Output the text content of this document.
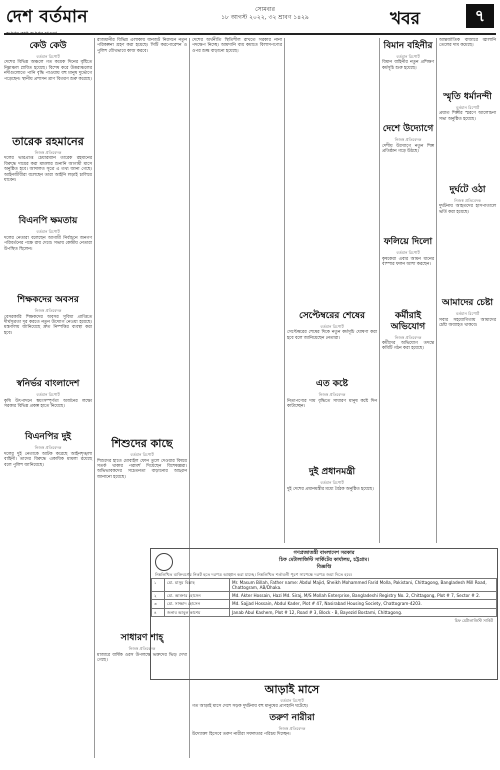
দেশ বর্তমান	সোমবার
১৮ আগস্ট ২০২২, ৩২ শ্রাবণ ১৪২৯	খবর	৭
কেউ কেউ
বর্তমান রিপোর্ট
দেশের বিভিন্ন অঞ্চলে গত কয়েক দিনের বৃষ্টিতে নিম্নাঞ্চল প্লাবিত হয়েছে। বিশেষ করে উত্তরাঞ্চলের নদীগুলোতে পানি বৃদ্ধি পাওয়ায় বহু মানুষ দুর্ভোগে পড়েছেন। স্থানীয় প্রশাসন ত্রাণ বিতরণ শুরু করেছে।
তারেক রহমানের
নিজস্ব প্রতিবেদক
দলের ভারপ্রাপ্ত চেয়ারম্যান তারেক রহমানের বিরুদ্ধে দায়ের করা মামলার শুনানি আগামী মাসে অনুষ্ঠিত হবে। আদালত সূত্রে এ তথ্য জানা গেছে। আইনজীবীরা বলেছেন তারা আইনি লড়াই চালিয়ে যাবেন।
বিএনপি ক্ষমতায়
বর্তমান রিপোর্ট
দলের নেতারা বলেছেন আগামী নির্বাচনে জনগণ পরিবর্তনের পক্ষে রায় দেবে। সভায় কেন্দ্রীয় নেতারা উপস্থিত ছিলেন।
শিক্ষকদের অবসর
নিজস্ব প্রতিবেদক
বেসরকারি শিক্ষকদের অবসর সুবিধা প্রাপ্তিতে দীর্ঘসূত্রতা দূর করতে নতুন উদ্যোগ নেওয়া হয়েছে। মন্ত্রণালয় জানিয়েছে দ্রুত নিষ্পত্তির ব্যবস্থা করা হবে।
স্বনির্ভর বাংলাদেশ
বর্তমান রিপোর্ট
কৃষি উৎপাদনে স্বয়ংসম্পূর্ণতা অর্জনের লক্ষ্যে সরকার বিভিন্ন প্রকল্প হাতে নিয়েছে।
বিএনপির দুই
নিজস্ব প্রতিবেদক
দলের দুই নেতাকে আটক করেছে আইনশৃঙ্খলা বাহিনী। তাদের বিরুদ্ধে একাধিক মামলা রয়েছে বলে পুলিশ জানিয়েছে।
রাজধানীর বিভিন্ন এলাকায় যানজট নিরসনে নতুন পরিকল্পনা গ্রহণ করা হয়েছে। সিটি করপোরেশন ও পুলিশ যৌথভাবে কাজ করবে।
শিশুদের কাছে
বর্তমান রিপোর্ট
শিশুদের হাতে মোবাইল ফোন তুলে দেওয়ার বিষয়ে সতর্ক থাকার পরামর্শ দিয়েছেন বিশেষজ্ঞরা। অভিভাবকদের সচেতনতা বাড়ানোর আহ্বান জানানো হয়েছে।
সাধারণ শাহ্‌
নিজস্ব প্রতিবেদক
মাজারে বার্ষিক ওরস উপলক্ষে ভক্তদের ভিড় দেখা গেছে।
দেশের অর্থনীতি স্থিতিশীল রাখতে সরকার নানা পদক্ষেপ নিচ্ছে। আমদানি ব্যয় কমাতে বিলাসপণ্যের ওপর শুল্ক বাড়ানো হয়েছে।
আড়াই মাসে
বর্তমান রিপোর্ট
গত আড়াই মাসে দেশে সড়ক দুর্ঘটনায় বহু মানুষের প্রাণহানি ঘটেছে।
তরুণ নারীরা
নিজস্ব প্রতিবেদক
উদ্যোক্তা হিসেবে তরুণ নারীরা সফলতার পরিচয় দিচ্ছেন।
সেপ্টেম্বরের শেষের
বর্তমান রিপোর্ট
সেপ্টেম্বরের শেষের দিকে নতুন কর্মসূচি ঘোষণা করা হবে বলে জানিয়েছেন নেতারা।
এত কষ্টে
নিজস্ব প্রতিবেদক
নিত্যপণ্যের দাম বৃদ্ধিতে সাধারণ মানুষ কষ্টে দিন কাটাচ্ছেন।
দুই প্রধানমন্ত্রী
বর্তমান রিপোর্ট
দুই দেশের প্রধানমন্ত্রীর মধ্যে বৈঠক অনুষ্ঠিত হয়েছে।
বিমান বহিনীর
বর্তমান রিপোর্ট
বিমান বাহিনীর নতুন প্রশিক্ষণ কর্মসূচি শুরু হয়েছে।
দেশে উদ্যোগে
নিজস্ব প্রতিবেদক
দেশীয় উদ্যোগে নতুন শিল্প প্রতিষ্ঠান গড়ে উঠছে।
ফলিয়ে দিলো
বর্তমান রিপোর্ট
কৃষকেরা এবার আমন ধানের বাম্পার ফলন আশা করছেন।
কর্মীরাই অভিযোগ
নিজস্ব প্রতিবেদক
কর্মীদের অভিযোগ তদন্তে কমিটি গঠন করা হয়েছে।
আন্তর্জাতিক বাজারে জ্বালানি তেলের দাম কমেছে।
স্মৃতি ধর্মানন্দী
বর্তমান রিপোর্ট
প্রয়াত শিল্পীর স্মরণে আলোচনা সভা অনুষ্ঠিত হয়েছে।
দুর্ঘটে ওঠা
নিজস্ব প্রতিবেদক
দুর্ঘটনায় আহতদের হাসপাতালে ভর্তি করা হয়েছে।
আমাদের চেষ্টা
বর্তমান রিপোর্ট
সবার সহযোগিতায় আমাদের চেষ্টা অব্যাহত থাকবে।
গণপ্রজাতন্ত্রী বাংলাদেশ সরকার
চিফ মেটালার্জিস্ট সার্কিটের কার্যালয়, চট্টগ্রাম।
বিজ্ঞপ্তি
নিম্নলিখিত ব্যক্তিবর্গের নিকট হতে দরপত্র আহ্বান করা যাচ্ছে। নিম্নলিখিত শর্তাবলী পূরণ সাপেক্ষে দরপত্র জমা দিতে হবে।
১	মো. মাসুম বিল্লাহ	Mr. Masum Billah, Father name: Abdul Majid, Sheikh Mohammed Farid Molla, Pakistani, Chittagong, Bangladesh Mill Road, Chattogram, AB/Dhaka.
২	মো. আক্তার হোসেন	Md. Akter Hossain, Hazi Md. Siraj, M/S Mollah Enterprise, Bangladeshi Registry No. 2, Chittagong, Plot # 7, Sector # 2.
৩	মো. সাজ্জাদ হোসেন	Md. Sajjad Hossain, Abdul Kader, Plot # 47, Nasirabad Housing Society, Chattogram-4203.
৪	জনাব আবুল কাশেম	Janab Abul Kashem, Plot # 12, Road # 3, Block - B, Bayezid Bostami, Chittagong.
চিফ মেটালার্জিস্ট সার্কিট
